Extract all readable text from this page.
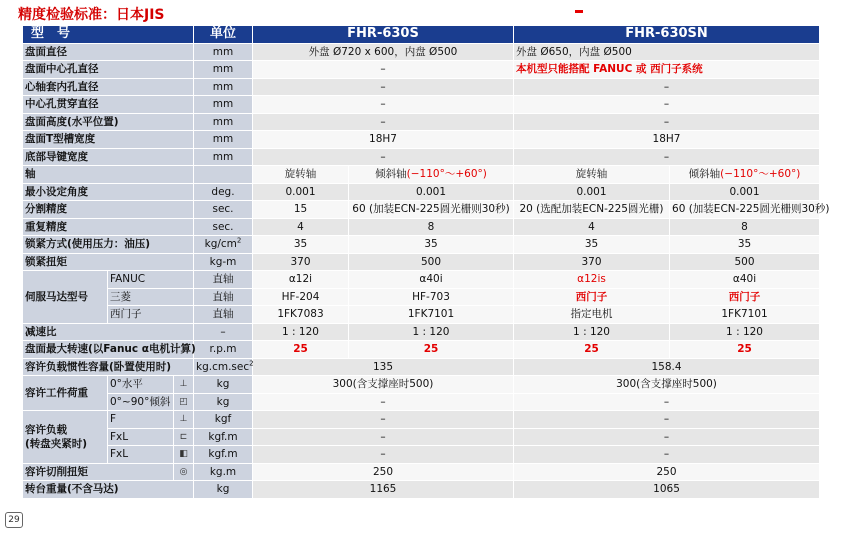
精度检验标准：日本JIS
型　号			单位	FHR-630S		FHR-630SN	
盘面直径			mm	外盘 Ø720 x 600，内盘 Ø500		外盘 Ø650，内盘 Ø500	
盘面中心孔直径			mm	–		本机型只能搭配 FANUC 或 西门子系统	
心轴套内孔直径			mm	–		–	
中心孔贯穿直径			mm	–		–	
盘面高度(水平位置)			mm	–		–	
盘面T型槽宽度			mm	18H7		18H7	
底部导键宽度			mm	–		–	
轴				旋转轴	倾斜轴(−110°～+60°)	旋转轴	倾斜轴(−110°～+60°)
最小设定角度			deg.	0.001	0.001	0.001	0.001
分割精度			sec.	15	60 (加装ECN-225圆光栅则30秒)	20 (选配加装ECN-225圆光栅)	60 (加装ECN-225圆光栅则30秒)
重复精度			sec.	4	8	4	8
锁紧方式(使用压力：油压)			$kg/cm^2$	35	35	35	35
锁紧扭矩			kg-m	370	500	370	500
伺服马达型号	FANUC		直轴	α12i	α40i	α12is	α40i
	三菱		直轴	HF-204	HF-703	西门子	西门子
	西门子		直轴	1FK7083	1FK7101	指定电机	1FK7101
减速比			–	1 : 120	1 : 120	1 : 120	1 : 120
盘面最大转速(以Fanuc α电机计算)			r.p.m	25	25	25	25
容许负载惯性容量(卧置使用时)			$kg.cm.\sec^2$	135		158.4	
容许工件荷重	0°水平	⊥	kg	300(含支撑座时500)		300(含支撑座时500)	
	0°~90°倾斜	◰	kg	–		–	

容许负载
(转盘夹紧时)	F	⊥	kgf	–		–	
	FxL	⊏	kgf.m	–		–	
	FxL	◧	kgf.m	–		–	
容许切削扭矩		◎	kg.m	250		250	
转台重量(不含马达)			kg	1165		1065	
29
